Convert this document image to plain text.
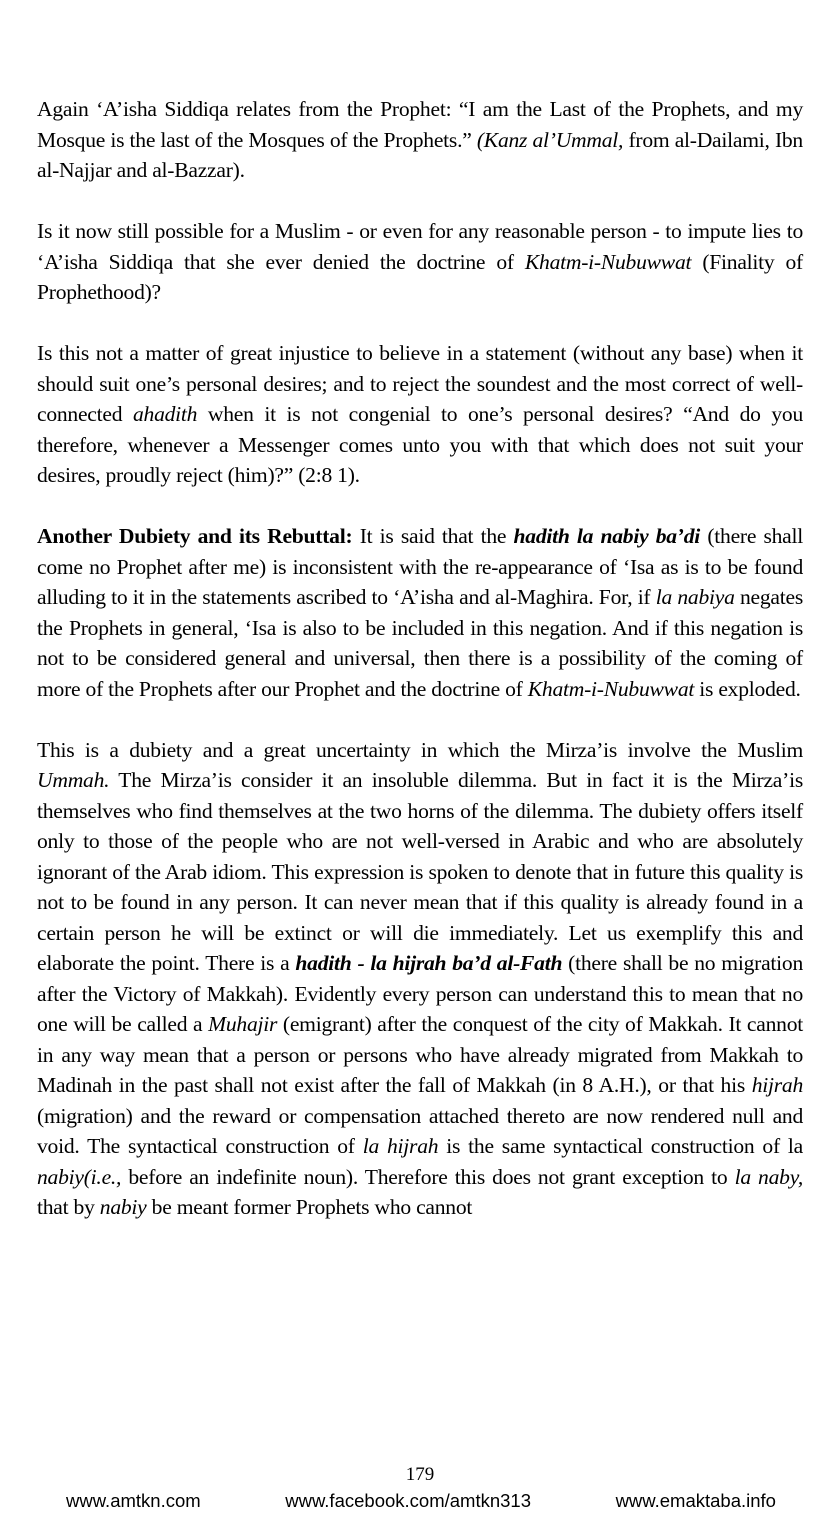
Again ‘A’isha Siddiqa relates from the Prophet: “I am the Last of the Prophets, and my Mosque is the last of the Mosques of the Prophets.” (Kanz al’Ummal, from al-Dailami, Ibn al-Najjar and al-Bazzar).

Is it now still possible for a Muslim - or even for any reasonable person - to impute lies to ‘A’isha Siddiqa that she ever denied the doctrine of Khatm-i-Nubuwwat (Finality of Prophethood)?

Is this not a matter of great injustice to believe in a statement (without any base) when it should suit one’s personal desires; and to reject the soundest and the most correct of well-connected ahadith when it is not congenial to one’s personal desires? “And do you therefore, whenever a Messenger comes unto you with that which does not suit your desires, proudly reject (him)?” (2:8 1).

Another Dubiety and its Rebuttal: It is said that the hadith la nabiy ba’di (there shall come no Prophet after me) is inconsistent with the re-appearance of ‘Isa as is to be found alluding to it in the statements ascribed to ‘A’isha and al-Maghira. For, if la nabiya negates the Prophets in general, ‘Isa is also to be included in this negation. And if this negation is not to be considered general and universal, then there is a possibility of the coming of more of the Prophets after our Prophet and the doctrine of Khatm-i-Nubuwwat is exploded.

This is a dubiety and a great uncertainty in which the Mirza’is involve the Muslim Ummah. The Mirza’is consider it an insoluble dilemma. But in fact it is the Mirza’is themselves who find themselves at the two horns of the dilemma. The dubiety offers itself only to those of the people who are not well-versed in Arabic and who are absolutely ignorant of the Arab idiom. This expression is spoken to denote that in future this quality is not to be found in any person. It can never mean that if this quality is already found in a certain person he will be extinct or will die immediately. Let us exemplify this and elaborate the point. There is a hadith - la hijrah ba’d al-Fath (there shall be no migration after the Victory of Makkah). Evidently every person can understand this to mean that no one will be called a Muhajir (emigrant) after the conquest of the city of Makkah. It cannot in any way mean that a person or persons who have already migrated from Makkah to Madinah in the past shall not exist after the fall of Makkah (in 8 A.H.), or that his hijrah (migration) and the reward or compensation attached thereto are now rendered null and void. The syntactical construction of la hijrah is the same syntactical construction of la nabiy(i.e., before an indefinite noun). Therefore this does not grant exception to la naby, that by nabiy be meant former Prophets who cannot

179
www.amtkn.com	www.facebook.com/amtkn313	www.emaktaba.info
